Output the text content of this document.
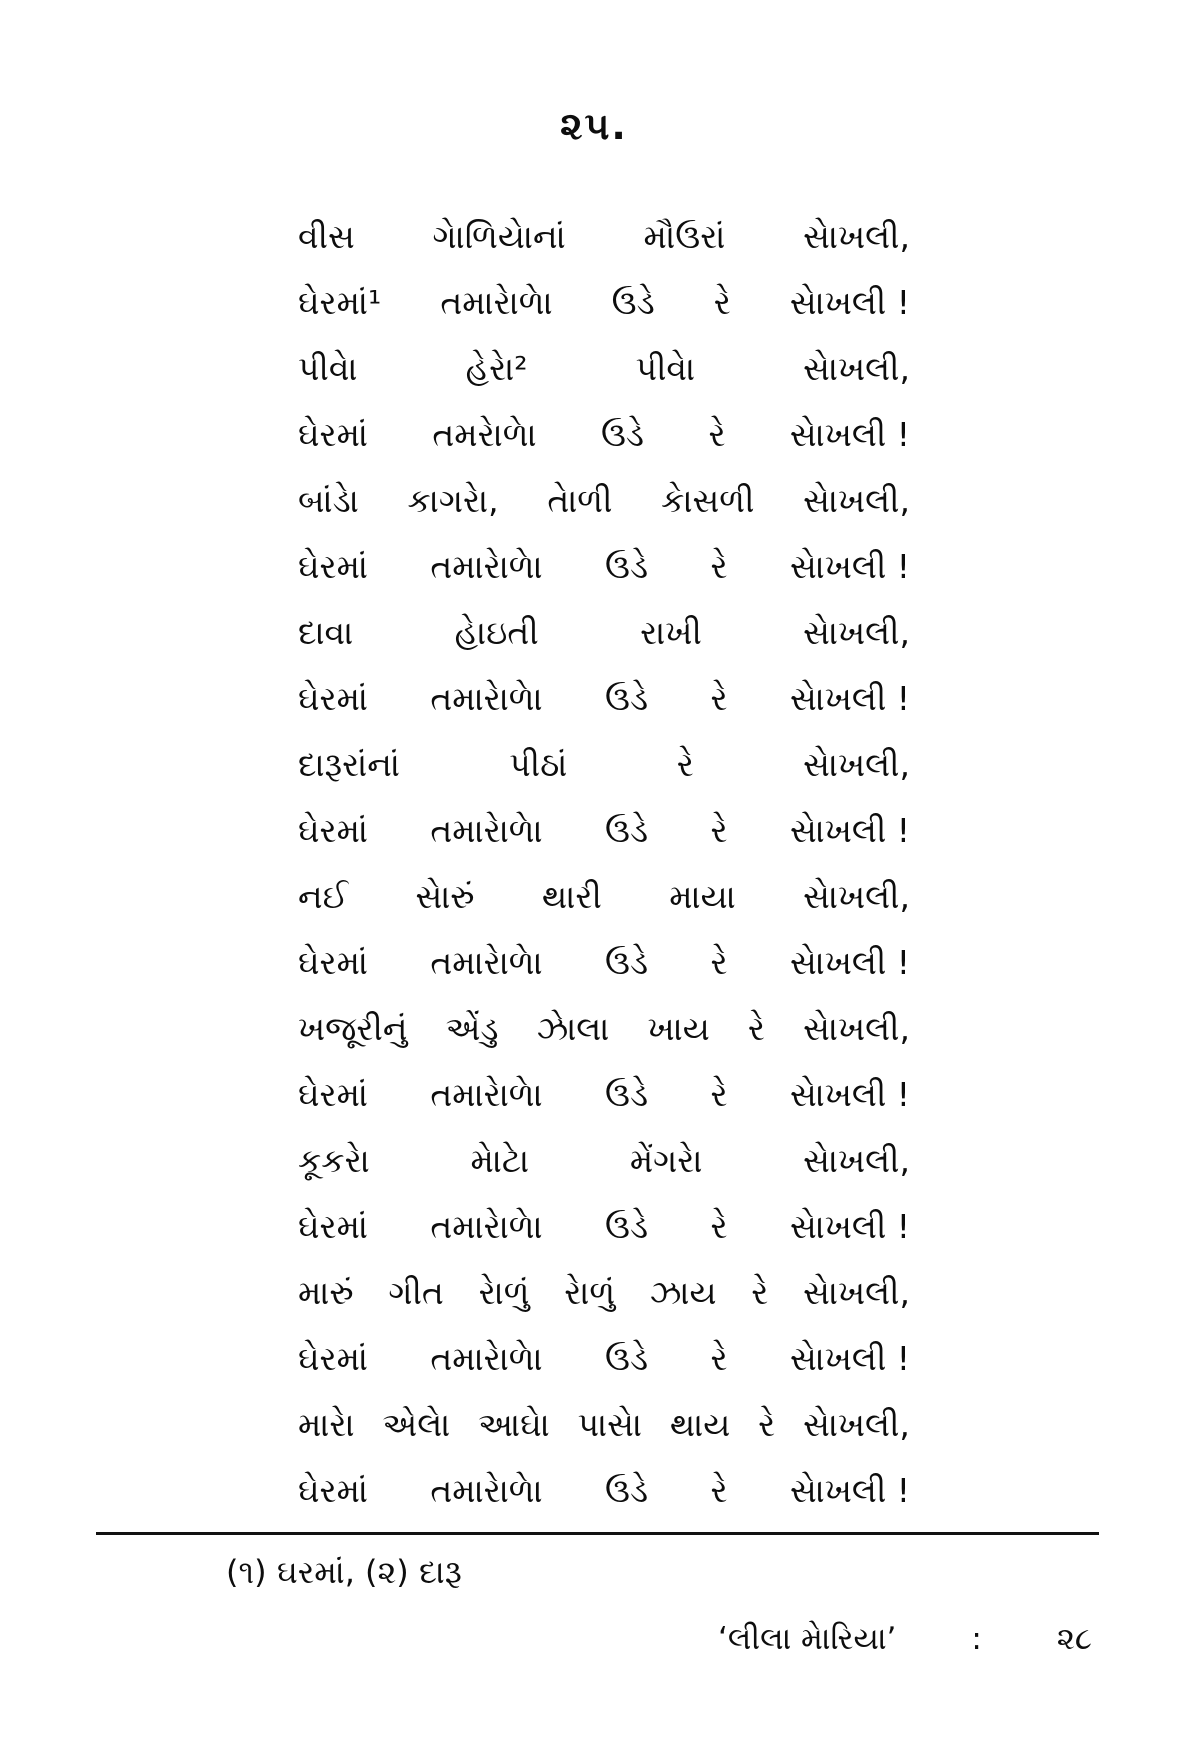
૨૫.
વીસ ગેાળિયેાનાં મૌઉરાં સેાખલી,
ઘેરમાં¹ તમારેાળેા ઉડે રે સેાખલી !
પીવેા	હેરેા²	પીવેા	સેાખલી,
ઘેરમાં તમરેાળેા ઉડે રે સેાખલી !
બાંડેા કાગરેા, તેાળી કેાસળી સેાખલી,
ઘેરમાં તમારેાળેા ઉડે રે સેાખલી !
દાવા	હેાઇતી	રાખી	સેાખલી,
ઘેરમાં તમારેાળેા ઉડે રે સેાખલી !
દારૂરાંનાં	પીઠાં	રે	સેાખલી,
ઘેરમાં તમારેાળેા ઉડે રે સેાખલી !
નઈ સેારું થારી માયા સેાખલી,
ઘેરમાં તમારેાળેા ઉડે રે સેાખલી !
ખજૂરીનું એંડુ ઝેાલા ખાય રે સેાખલી,
ઘેરમાં તમારેાળેા ઉડે રે સેાખલી !
કૂકરેા	મેાટેા	મેંગરેા	સેાખલી,
ઘેરમાં તમારેાળેા ઉડે રે સેાખલી !
મારું ગીત રેાળું રેાળું ઝાય રે સેાખલી,
ઘેરમાં તમારેાળેા ઉડે રે સેાખલી !
મારેા એલેા આઘેા પાસેા થાય રે સેાખલી,
ઘેરમાં તમારેાળેા ઉડે રે સેાખલી !
(૧) ઘરમાં, (૨) દારૂ
‘લીલા મેારિયા’ : ૨૮
